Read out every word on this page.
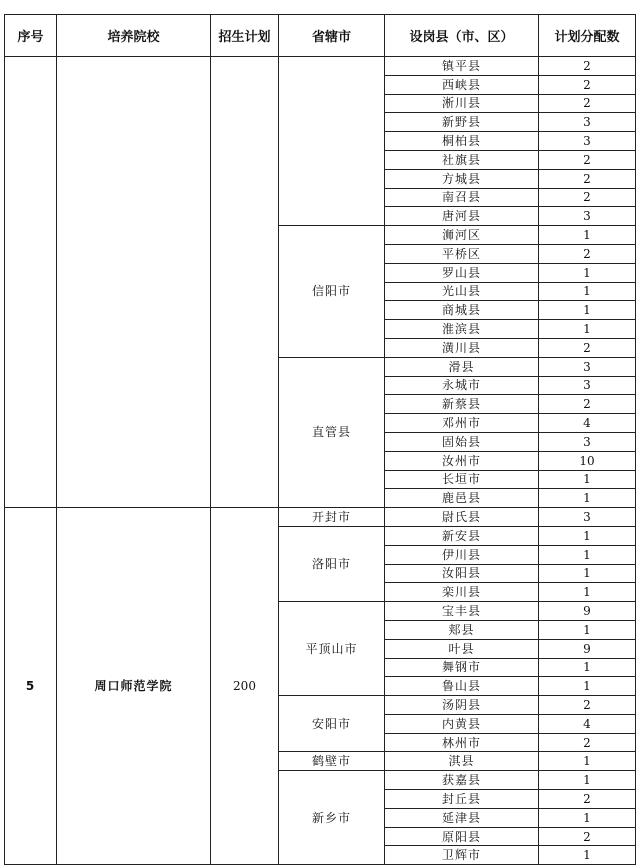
序号	培养院校	招生计划	省辖市	设岗县（市、区）	计划分配数
				镇平县	2
				西峡县	2
				淅川县	2
				新野县	3
				桐柏县	3
				社旗县	2
				方城县	2
				南召县	2
				唐河县	3
			信阳市	浉河区	1
				平桥区	2
				罗山县	1
				光山县	1
				商城县	1
				淮滨县	1
				潢川县	2
			直管县	滑县	3
				永城市	3
				新蔡县	2
				邓州市	4
				固始县	3
				汝州市	10
				长垣市	1
				鹿邑县	1
5	周口师范学院	200	开封市	尉氏县	3
			洛阳市	新安县	1
				伊川县	1
				汝阳县	1
				栾川县	1
			平顶山市	宝丰县	9
				郏县	1
				叶县	9
				舞钢市	1
				鲁山县	1
			安阳市	汤阴县	2
				内黄县	4
				林州市	2
			鹤壁市	淇县	1
			新乡市	获嘉县	1
				封丘县	2
				延津县	1
				原阳县	2
				卫辉市	1
